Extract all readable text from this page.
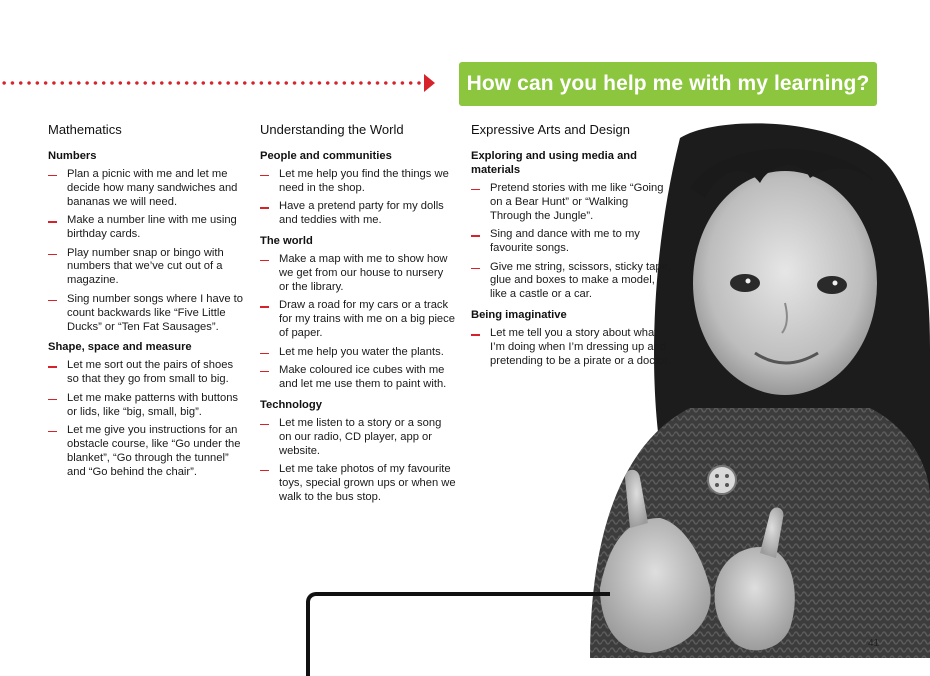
How can you help me with my learning?
Mathematics
Numbers
Plan a picnic with me and let me decide how many sandwiches and bananas we will need.
Make a number line with me using birthday cards.
Play number snap or bingo with numbers that we’ve cut out of a magazine.
Sing number songs where I have to count backwards like “Five Little Ducks” or “Ten Fat Sausages”.
Shape, space and measure
Let me sort out the pairs of shoes so that they go from small to big.
Let me make patterns with buttons or lids, like “big, small, big”.
Let me give you instructions for an obstacle course, like “Go under the blanket”, “Go through the tunnel” and “Go behind the chair”.
Understanding the World
People and communities
Let me help you find the things we need in the shop.
Have a pretend party for my dolls and teddies with me.
The world
Make a map with me to show how we get from our house to nursery or the library.
Draw a road for my cars or a track for my trains with me on a big piece of paper.
Let me help you water the plants.
Make coloured ice cubes with me and let me use them to paint with.
Technology
Let me listen to a story or a song on our radio, CD player, app or website.
Let me take photos of my favourite toys, special grown ups or when we walk to the bus stop.
Expressive Arts and Design
Exploring and using media and materials
Pretend stories with me like “Going on a Bear Hunt” or “Walking Through the Jungle”.
Sing and dance with me to my favourite songs.
Give me string, scissors, sticky tape, glue and boxes to make a model, like a castle or a car.
Being imaginative
Let me tell you a story about what I’m doing when I’m dressing up and pretending to be a pirate or a doctor.
41
